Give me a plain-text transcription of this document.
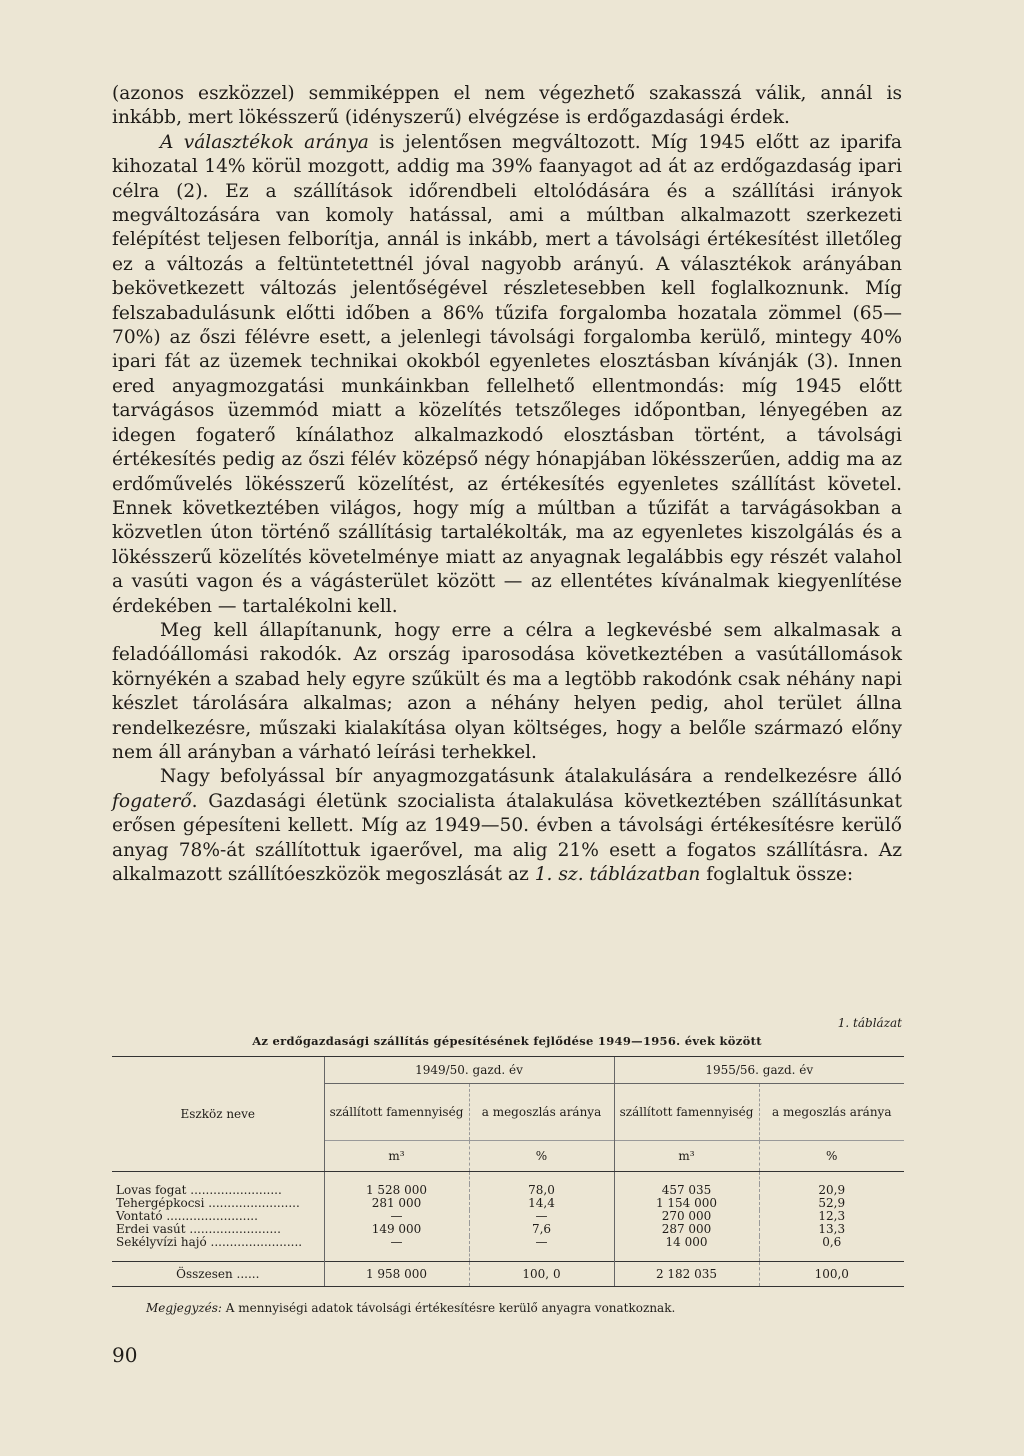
(azonos eszközzel) semmiképpen el nem végezhető szakasszá válik, annál is inkább, mert lökésszerű (idényszerű) elvégzése is erdőgazdasági érdek.

A választékok aránya is jelentősen megváltozott. Míg 1945 előtt az iparifa kihozatal 14% körül mozgott, addig ma 39% faanyagot ad át az erdőgazdaság ipari célra (2). Ez a szállítások időrendbeli eltolódására és a szállítási irányok megváltozására van komoly hatással, ami a múltban alkalmazott szerkezeti felépítést teljesen felborítja, annál is inkább, mert a távolsági értékesítést illetőleg ez a változás a feltüntetettnél jóval nagyobb arányú. A választékok arányában bekövetkezett változás jelentőségével részletesebben kell foglalkoznunk. Míg felszabadulásunk előtti időben a 86% tűzifa forgalomba hozatala zömmel (65—70%) az őszi félévre esett, a jelenlegi távolsági forgalomba kerülő, mintegy 40% ipari fát az üzemek technikai okokból egyenletes elosztásban kívánják (3). Innen ered anyagmozgatási munkáinkban fellelhető ellentmondás: míg 1945 előtt tarvágásos üzemmód miatt a közelítés tetszőleges időpontban, lényegében az idegen fogaterő kínálathoz alkalmazkodó elosztásban történt, a távolsági értékesítés pedig az őszi félév középső négy hónapjában lökésszerűen, addig ma az erdőművelés lökésszerű közelítést, az értékesítés egyenletes szállítást követel. Ennek következtében világos, hogy míg a múltban a tűzifát a tarvágásokban a közvetlen úton történő szállításig tartalékolták, ma az egyenletes kiszolgálás és a lökésszerű közelítés követelménye miatt az anyagnak legalábbis egy részét valahol a vasúti vagon és a vágásterület között — az ellentétes kívánalmak kiegyenlítése érdekében — tartalékolni kell.

Meg kell állapítanunk, hogy erre a célra a legkevésbé sem alkalmasak a feladóállomási rakodók. Az ország iparosodása következtében a vasútállomások környékén a szabad hely egyre szűkült és ma a legtöbb rakodónk csak néhány napi készlet tárolására alkalmas; azon a néhány helyen pedig, ahol terület állna rendelkezésre, műszaki kialakítása olyan költséges, hogy a belőle származó előny nem áll arányban a várható leírási terhekkel.

Nagy befolyással bír anyagmozgatásunk átalakulására a rendelkezésre álló fogaterő. Gazdasági életünk szocialista átalakulása következtében szállításunkat erősen gépesíteni kellett. Míg az 1949—50. évben a távolsági értékesítésre kerülő anyag 78%-át szállítottuk igaerővel, ma alig 21% esett a fogatos szállításra. Az alkalmazott szállítóeszközök megoszlását az 1. sz. táblázatban foglaltuk össze:

1. táblázat
Az erdőgazdasági szállítás gépesítésének fejlődése 1949—1956. évek között
Eszköz neve	1949/50. gazd. év		1955/56. gazd. év	
	szállított famennyiség	a megoszlás aránya	szállított famennyiség	a megoszlás aránya
	m³	%	m³	%

Lovas fogat ........................	1 528 000	78,0	457 035	20,9
Tehergépkocsi ........................	281 000	14,4	1 154 000	52,9
Vontató ........................	—	—	270 000	12,3
Erdei vasút ........................	149 000	7,6	287 000	13,3
Sekélyvízi hajó ........................	—	—	14 000	0,6

Összesen ......	1 958 000	100, 0	2 182 035	100,0
Megjegyzés: A mennyiségi adatok távolsági értékesítésre kerülő anyagra vonatkoznak.
90
